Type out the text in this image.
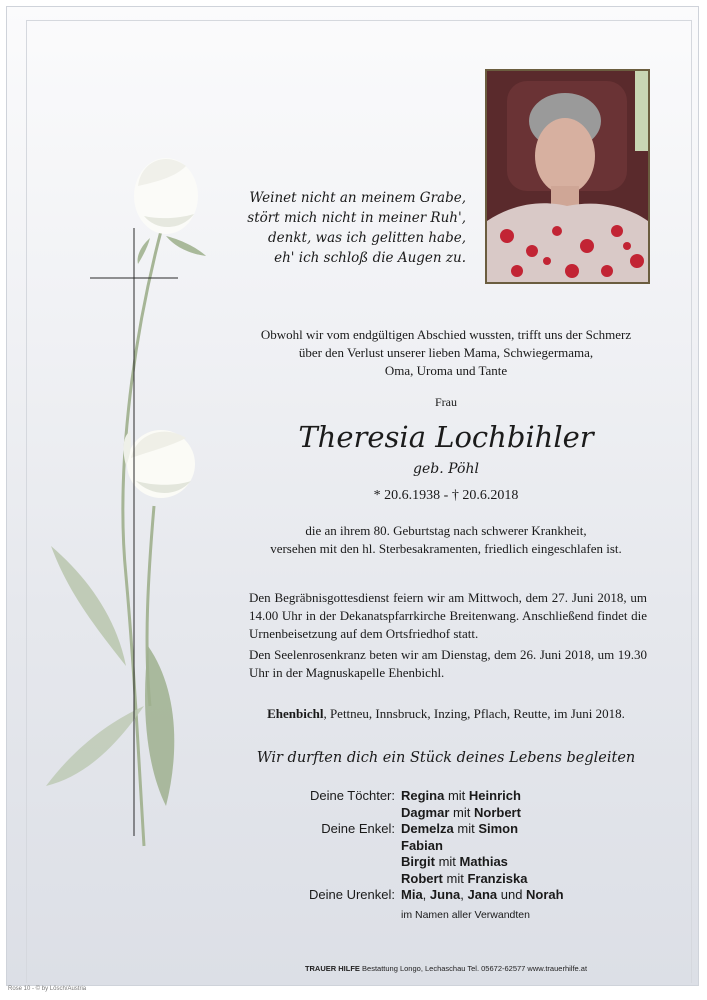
Weinet nicht an meinem Grabe,
stört mich nicht in meiner Ruh',
denkt, was ich gelitten habe,
eh' ich schloß die Augen zu.
Obwohl wir vom endgültigen Abschied wussten, trifft uns der Schmerz
über den Verlust unserer lieben Mama, Schwiegermama,
Oma, Uroma und Tante
Frau
Theresia Lochbihler
geb. Pöhl
* 20.6.1938 - † 20.6.2018
die an ihrem 80. Geburtstag nach schwerer Krankheit,
versehen mit den hl. Sterbesakramenten, friedlich eingeschlafen ist.
Den Begräbnisgottesdienst feiern wir am Mittwoch, dem 27. Juni 2018, um 14.00 Uhr in der Dekanatspfarrkirche Breitenwang. Anschließend findet die Urnenbeisetzung auf dem Ortsfriedhof statt.
Den Seelenrosenkranz beten wir am Dienstag, dem 26. Juni 2018, um 19.30 Uhr in der Magnuskapelle Ehenbichl.
Ehenbichl, Pettneu, Innsbruck, Inzing, Pflach, Reutte, im Juni 2018.
Wir durften dich ein Stück deines Lebens begleiten
Deine Töchter:

Deine Enkel:

Deine Urenkel:
Regina mit Heinrich
Dagmar mit Norbert
Demelza mit Simon
Fabian
Birgit mit Mathias
Robert mit Franziska
Mia, Juna, Jana und Norah
im Namen aller Verwandten
TRAUER HILFE Bestattung Longo, Lechaschau Tel. 05672-62577 www.trauerhilfe.at
Rose 10 - © by Lösch/Austria
